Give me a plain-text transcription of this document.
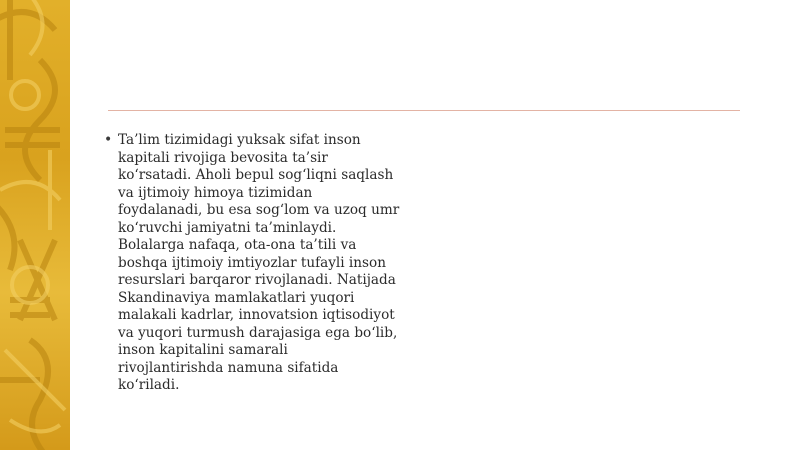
• Ta’lim tizimidagi yuksak sifat inson
kapitali rivojiga bevosita ta’sir
ko‘rsatadi. Aholi bepul sog‘liqni saqlash
va ijtimoiy himoya tizimidan
foydalanadi, bu esa sog‘lom va uzoq umr
ko‘ruvchi jamiyatni ta’minlaydi.
Bolalarga nafaqa, ota-ona ta’tili va
boshqa ijtimoiy imtiyozlar tufayli inson
resurslari barqaror rivojlanadi. Natijada
Skandinaviya mamlakatlari yuqori
malakali kadrlar, innovatsion iqtisodiyot
va yuqori turmush darajasiga ega bo‘lib,
inson kapitalini samarali
rivojlantirishda namuna sifatida
ko‘riladi.
